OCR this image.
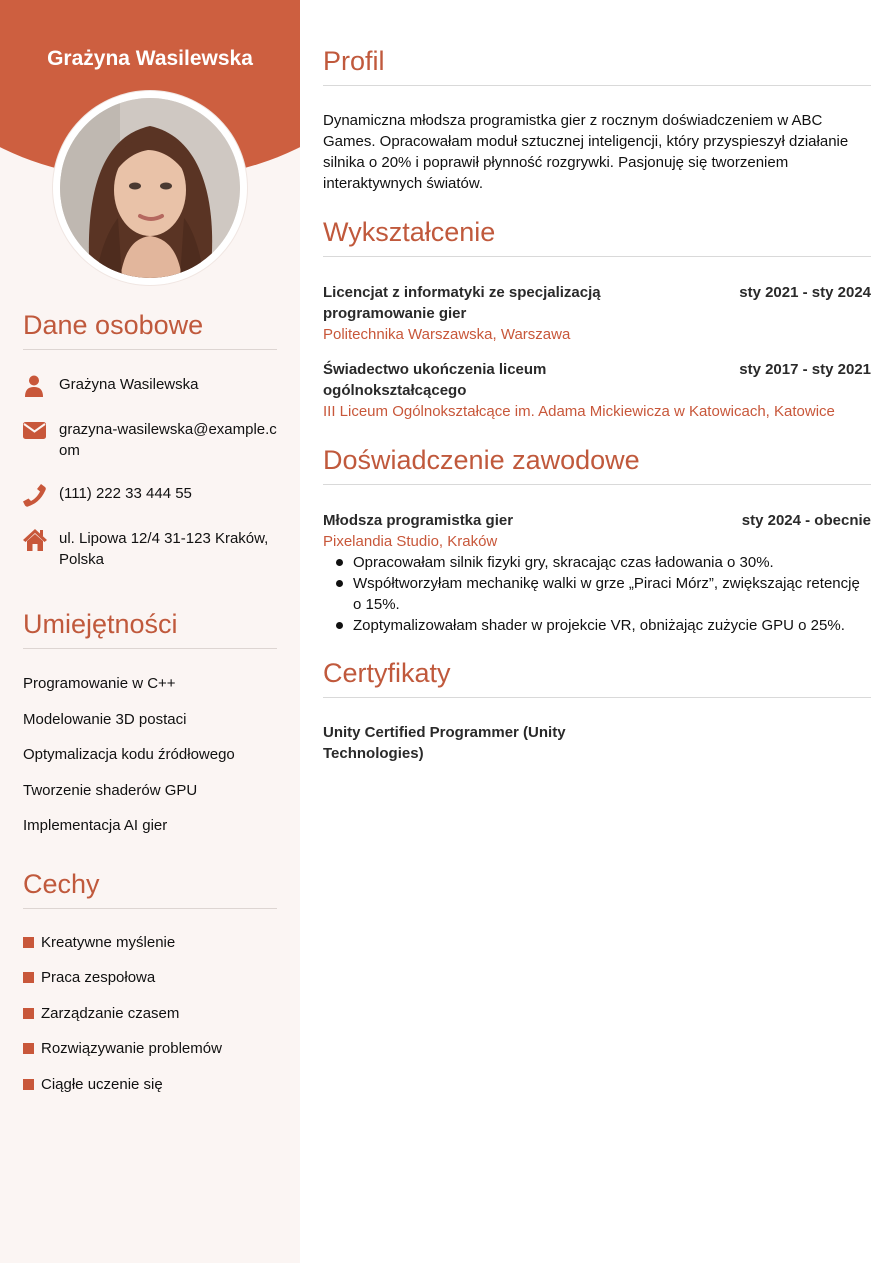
Grażyna Wasilewska
Dane osobowe
Grażyna Wasilewska
grazyna-wasilewska@example.com
(111) 222 33 444 55
ul. Lipowa 12/4 31-123 Kraków, Polska
Umiejętności
Programowanie w C++
Modelowanie 3D postaci
Optymalizacja kodu źródłowego
Tworzenie shaderów GPU
Implementacja AI gier
Cechy
Kreatywne myślenie
Praca zespołowa
Zarządzanie czasem
Rozwiązywanie problemów
Ciągłe uczenie się
Profil
Dynamiczna młodsza programistka gier z rocznym doświadczeniem w ABC Games. Opracowałam moduł sztucznej inteligencji, który przyspieszył działanie silnika o 20% i poprawił płynność rozgrywki. Pasjonuję się tworzeniem interaktywnych światów.
Wykształcenie
Licencjat z informatyki ze specjalizacją programowanie gier
sty 2021 - sty 2024
Politechnika Warszawska, Warszawa
Świadectwo ukończenia liceum ogólnokształcącego
sty 2017 - sty 2021
III Liceum Ogólnokształcące im. Adama Mickiewicza w Katowicach, Katowice
Doświadczenie zawodowe
Młodsza programistka gier	sty 2024 - obecnie
Pixelandia Studio, Kraków
Opracowałam silnik fizyki gry, skracając czas ładowania o 30%.
Współtworzyłam mechanikę walki w grze „Piraci Mórz”, zwiększając retencję o 15%.
Zoptymalizowałam shader w projekcie VR, obniżając zużycie GPU o 25%.
Certyfikaty
Unity Certified Programmer (Unity Technologies)
